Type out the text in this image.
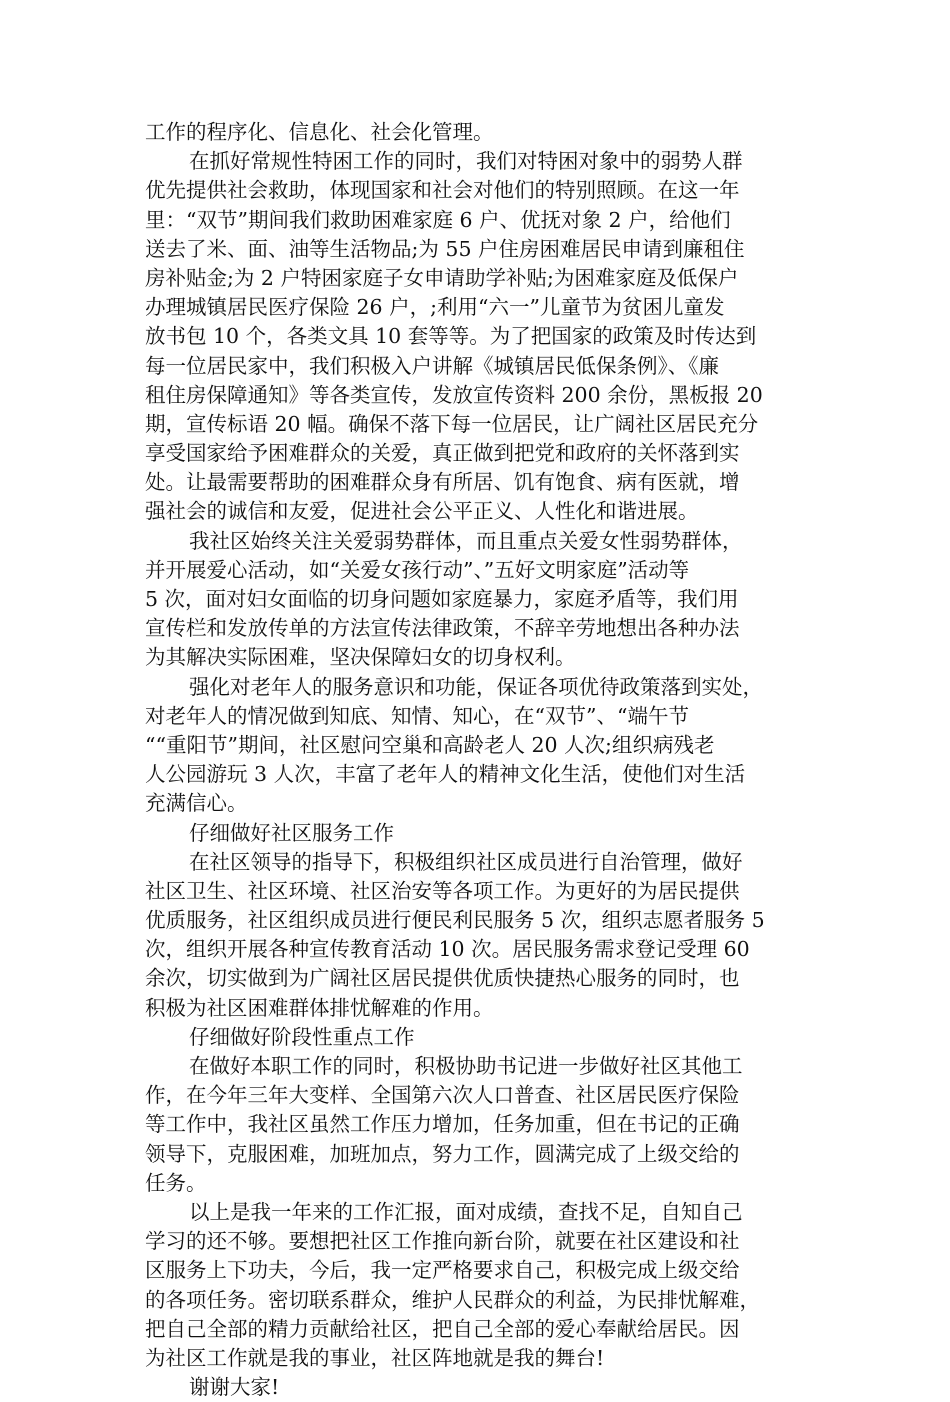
工作的程序化、信息化、社会化管理。
在抓好常规性特困工作的同时，我们对特困对象中的弱势人群
优先提供社会救助，体现国家和社会对他们的特别照顾。在这一年
里：“双节”期间我们救助困难家庭 6 户、优抚对象 2 户，给他们
送去了米、面、油等生活物品;为 55 户住房困难居民申请到廉租住
房补贴金;为 2 户特困家庭子女申请助学补贴;为困难家庭及低保户
办理城镇居民医疗保险 26 户，;利用“六一”儿童节为贫困儿童发
放书包 10 个，各类文具 10 套等等。为了把国家的政策及时传达到
每一位居民家中，我们积极入户讲解《城镇居民低保条例》、《廉
租住房保障通知》等各类宣传，发放宣传资料 200 余份，黑板报 20
期，宣传标语 20 幅。确保不落下每一位居民，让广阔社区居民充分
享受国家给予困难群众的关爱，真正做到把党和政府的关怀落到实
处。让最需要帮助的困难群众身有所居、饥有饱食、病有医就，增
强社会的诚信和友爱，促进社会公平正义、人性化和谐进展。
我社区始终关注关爱弱势群体，而且重点关爱女性弱势群体，
并开展爱心活动，如“关爱女孩行动”、”五好文明家庭”活动等
5 次，面对妇女面临的切身问题如家庭暴力，家庭矛盾等，我们用
宣传栏和发放传单的方法宣传法律政策，不辞辛劳地想出各种办法
为其解决实际困难，坚决保障妇女的切身权利。
强化对老年人的服务意识和功能，保证各项优待政策落到实处，
对老年人的情况做到知底、知情、知心，在“双节”、“端午节
““重阳节”期间，社区慰问空巢和高龄老人 20 人次;组织病残老
人公园游玩 3 人次，丰富了老年人的精神文化生活，使他们对生活
充满信心。
仔细做好社区服务工作
在社区领导的指导下，积极组织社区成员进行自治管理，做好
社区卫生、社区环境、社区治安等各项工作。为更好的为居民提供
优质服务，社区组织成员进行便民利民服务 5 次，组织志愿者服务 5
次，组织开展各种宣传教育活动 10 次。居民服务需求登记受理 60
余次，切实做到为广阔社区居民提供优质快捷热心服务的同时，也
积极为社区困难群体排忧解难的作用。
仔细做好阶段性重点工作
在做好本职工作的同时，积极协助书记进一步做好社区其他工
作，在今年三年大变样、全国第六次人口普查、社区居民医疗保险
等工作中，我社区虽然工作压力增加，任务加重，但在书记的正确
领导下，克服困难，加班加点，努力工作，圆满完成了上级交给的
任务。
以上是我一年来的工作汇报，面对成绩，查找不足，自知自己
学习的还不够。要想把社区工作推向新台阶，就要在社区建设和社
区服务上下功夫，今后，我一定严格要求自己，积极完成上级交给
的各项任务。密切联系群众，维护人民群众的利益，为民排忧解难，
把自己全部的精力贡献给社区，把自己全部的爱心奉献给居民。因
为社区工作就是我的事业，社区阵地就是我的舞台!
谢谢大家!
